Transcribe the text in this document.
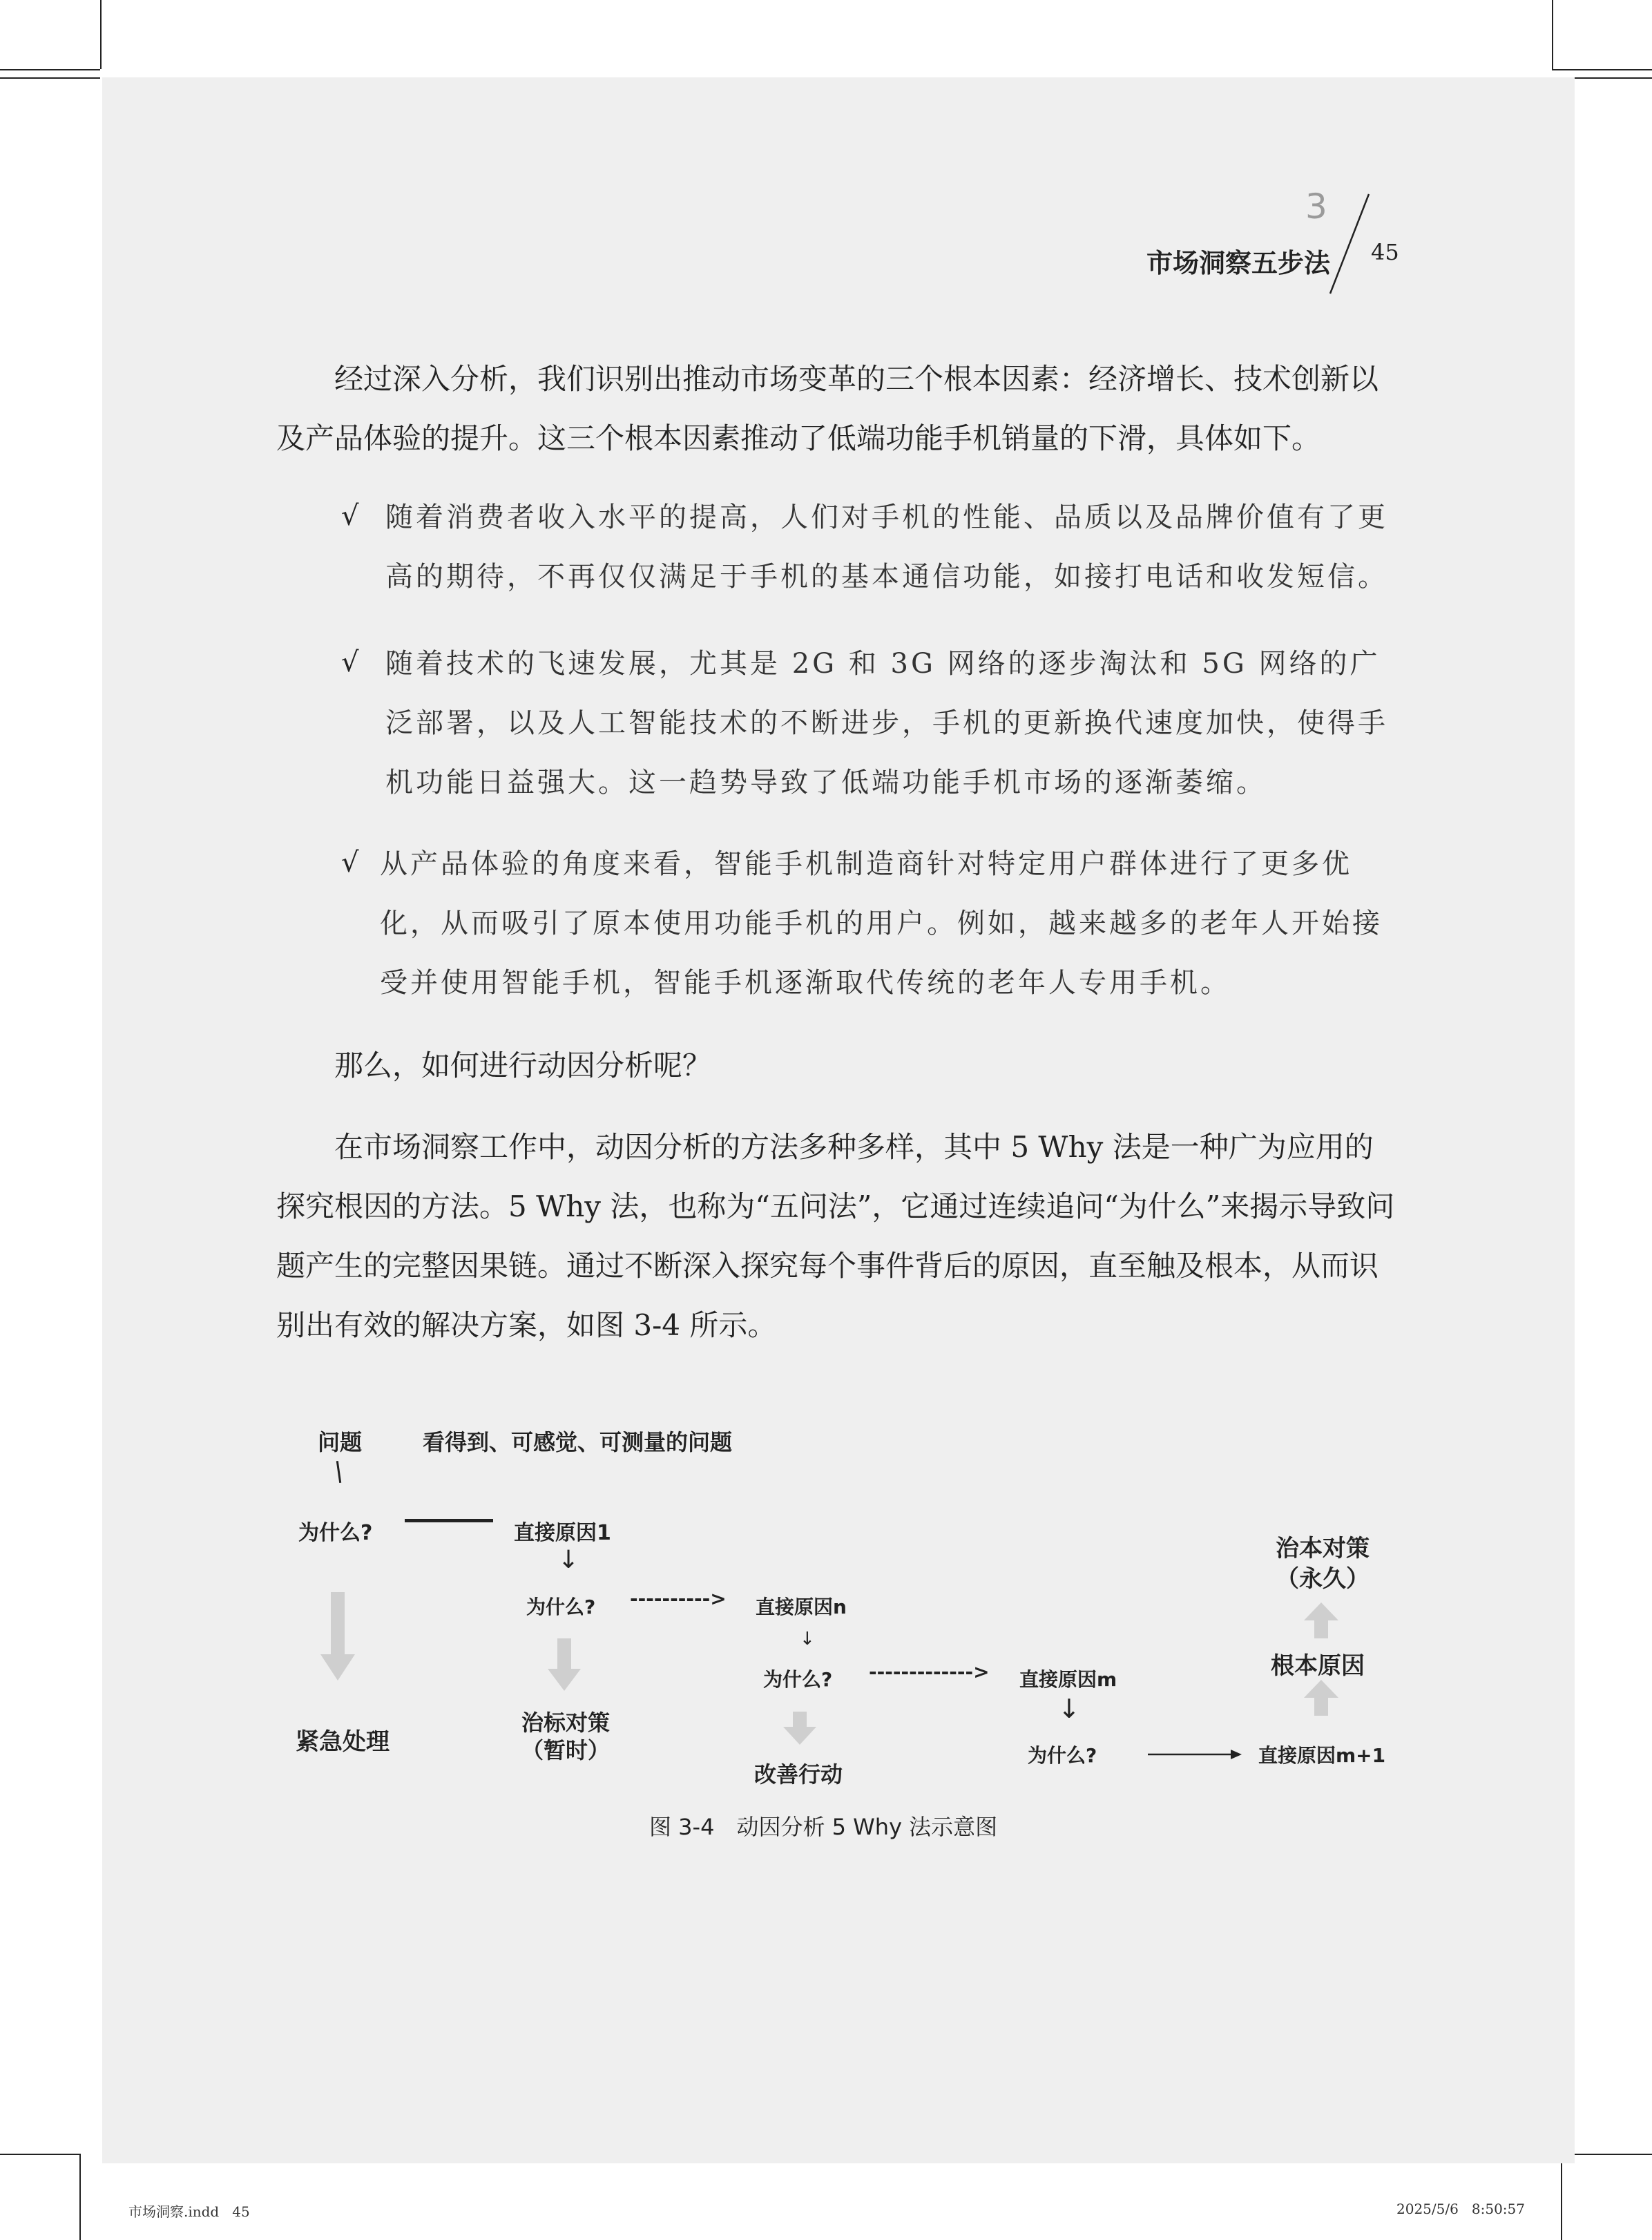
3
市场洞察五步法 45
经过深入分析，我们识别出推动市场变革的三个根本因素：经济增长、技术创新以及产品体验的提升。这三个根本因素推动了低端功能手机销量的下滑，具体如下。
√ 随着消费者收入水平的提高，人们对手机的性能、品质以及品牌价值有了更高的期待，不再仅仅满足于手机的基本通信功能，如接打电话和收发短信。
√ 随着技术的飞速发展，尤其是 2G 和 3G 网络的逐步淘汰和 5G 网络的广泛部署，以及人工智能技术的不断进步，手机的更新换代速度加快，使得手机功能日益强大。这一趋势导致了低端功能手机市场的逐渐萎缩。
√ 从产品体验的角度来看，智能手机制造商针对特定用户群体进行了更多优化，从而吸引了原本使用功能手机的用户。例如，越来越多的老年人开始接受并使用智能手机，智能手机逐渐取代传统的老年人专用手机。
那么，如何进行动因分析呢？
在市场洞察工作中，动因分析的方法多种多样，其中 5 Why 法是一种广为应用的探究根因的方法。5 Why 法，也称为“五问法”，它通过连续追问“为什么”来揭示导致问题产生的完整因果链。通过不断深入探究每个事件背后的原因，直至触及根本，从而识别出有效的解决方案，如图 3-4 所示。
问题	看得到、可感觉、可测量的问题
为什么?	直接原因1
↓
为什么? ----------> 直接原因n
↓
为什么? -------------> 直接原因m
↓
为什么?	直接原因m+1
紧急处理
治标对策
（暂时）
改善行动
根本原因
治本对策
（永久）
图 3-4　动因分析 5 Why 法示意图
市场洞察.indd   45	2025/5/6   8:50:57
